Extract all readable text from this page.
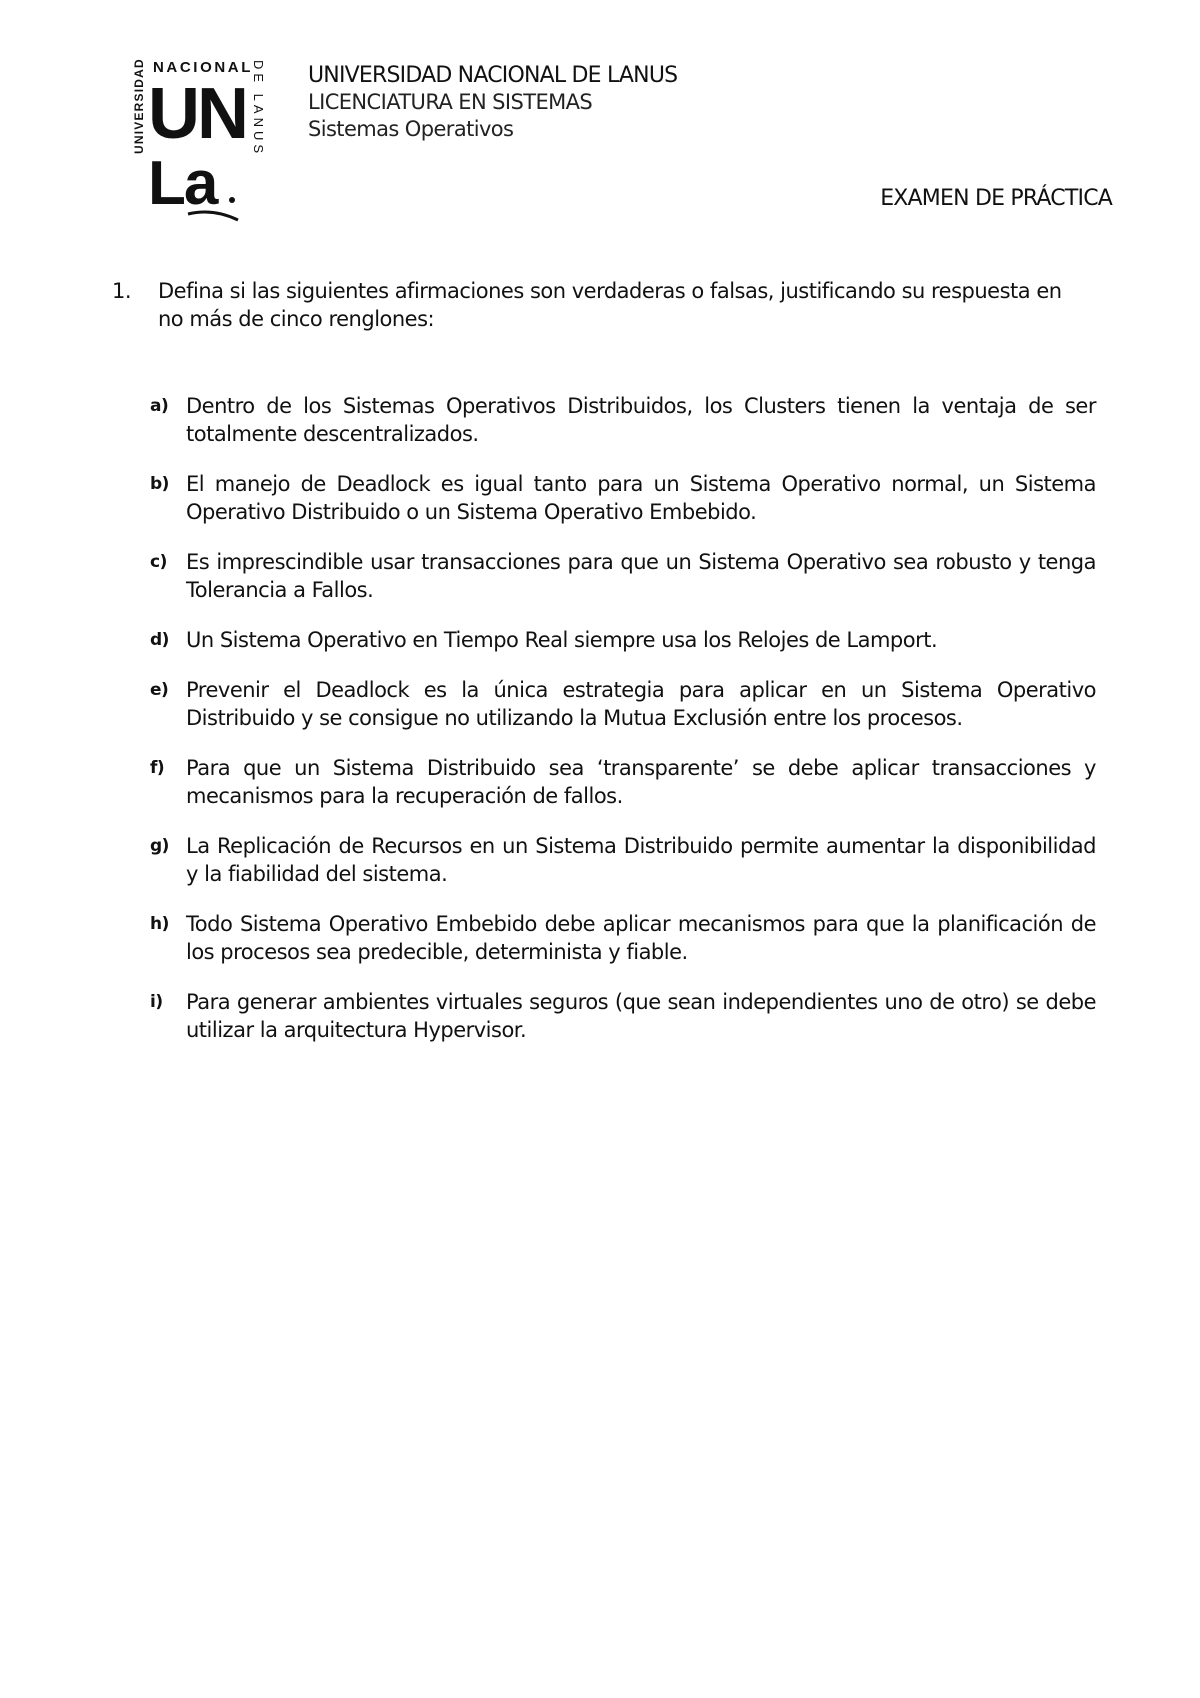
NACIONAL
UNIVERSIDAD	DE LANUS
UN
La
UNIVERSIDAD NACIONAL DE LANUS
LICENCIATURA EN SISTEMAS
Sistemas Operativos
EXAMEN DE PRÁCTICA
1.	Defina si las siguientes afirmaciones son verdaderas o falsas, justificando su respuesta en no más de cinco renglones:
a) Dentro de los Sistemas Operativos Distribuidos, los Clusters tienen la ventaja de ser totalmente descentralizados.
b) El manejo de Deadlock es igual tanto para un Sistema Operativo normal, un Sistema Operativo Distribuido o un Sistema Operativo Embebido.
c) Es imprescindible usar transacciones para que un Sistema Operativo sea robusto y tenga Tolerancia a Fallos.
d) Un Sistema Operativo en Tiempo Real siempre usa los Relojes de Lamport.
e) Prevenir el Deadlock es la única estrategia para aplicar en un Sistema Operativo Distribuido y se consigue no utilizando la Mutua Exclusión entre los procesos.
f)	Para que un Sistema Distribuido sea ‘transparente’ se debe aplicar transacciones y mecanismos para la recuperación de fallos.
g) La Replicación de Recursos en un Sistema Distribuido permite aumentar la disponibilidad y la fiabilidad del sistema.
h) Todo Sistema Operativo Embebido debe aplicar mecanismos para que la planificación de los procesos sea predecible, determinista y fiable.
i)	Para generar ambientes virtuales seguros (que sean independientes uno de otro) se debe utilizar la arquitectura Hypervisor.
